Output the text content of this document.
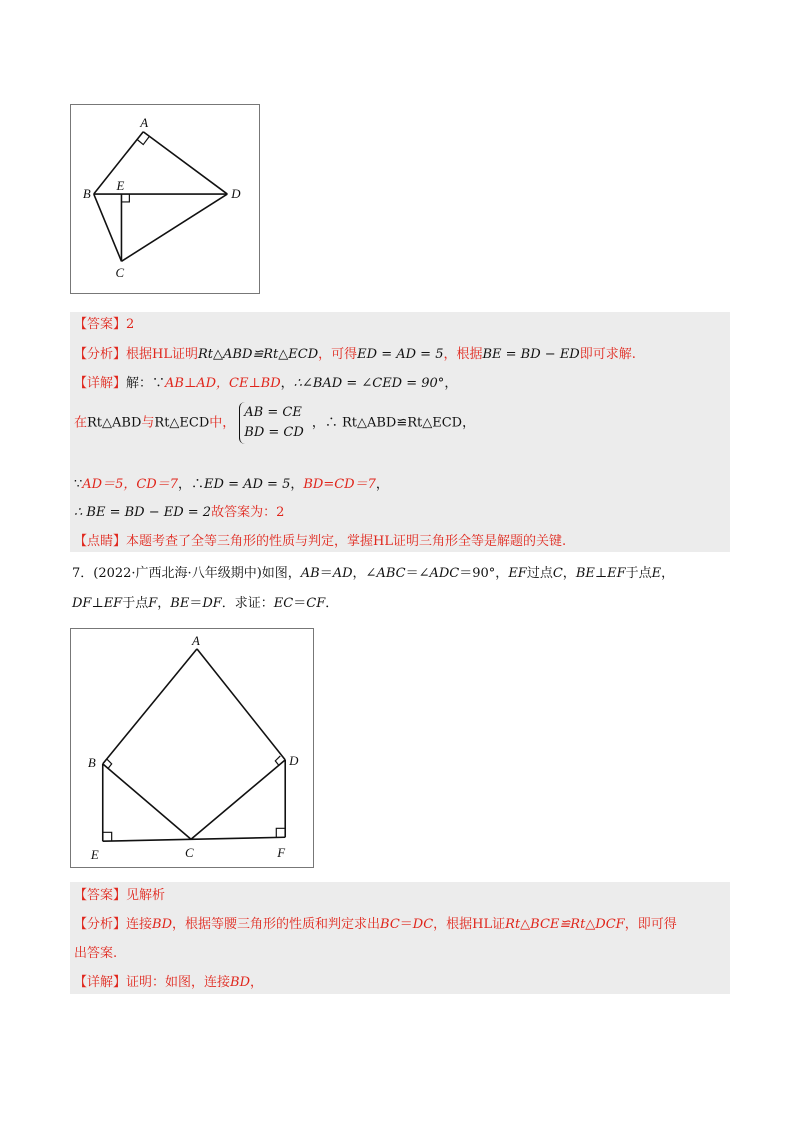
A
B
E
D
C
【答案】2
【分析】根据HL证明Rt△ABD≌Rt△ECD，可得ED = AD = 5，根据BE = BD − ED即可求解.
【详解】解：∵AB⊥AD，CE⊥BD，∴∠BAD = ∠CED = 90°，
在Rt△ABD与Rt△ECD中，AB = CE
BD = CD，∴ Rt△ABD≌Rt△ECD，
∵AD＝5，CD＝7，∴ED = AD = 5，BD=CD＝7，
∴ BE = BD − ED = 2故答案为：2
【点睛】本题考查了全等三角形的性质与判定，掌握HL证明三角形全等是解题的关键.
7．(2022·广西北海·八年级期中)如图，AB＝AD，∠ABC＝∠ADC＝90°，EF过点C，BE⊥EF于点E，
DF⊥EF于点F，BE＝DF．求证：EC＝CF．
A
B	D
E	C	F
【答案】见解析
【分析】连接BD，根据等腰三角形的性质和判定求出BC＝DC，根据HL证Rt△BCE≌Rt△DCF，即可得
出答案.
【详解】证明：如图，连接BD，
